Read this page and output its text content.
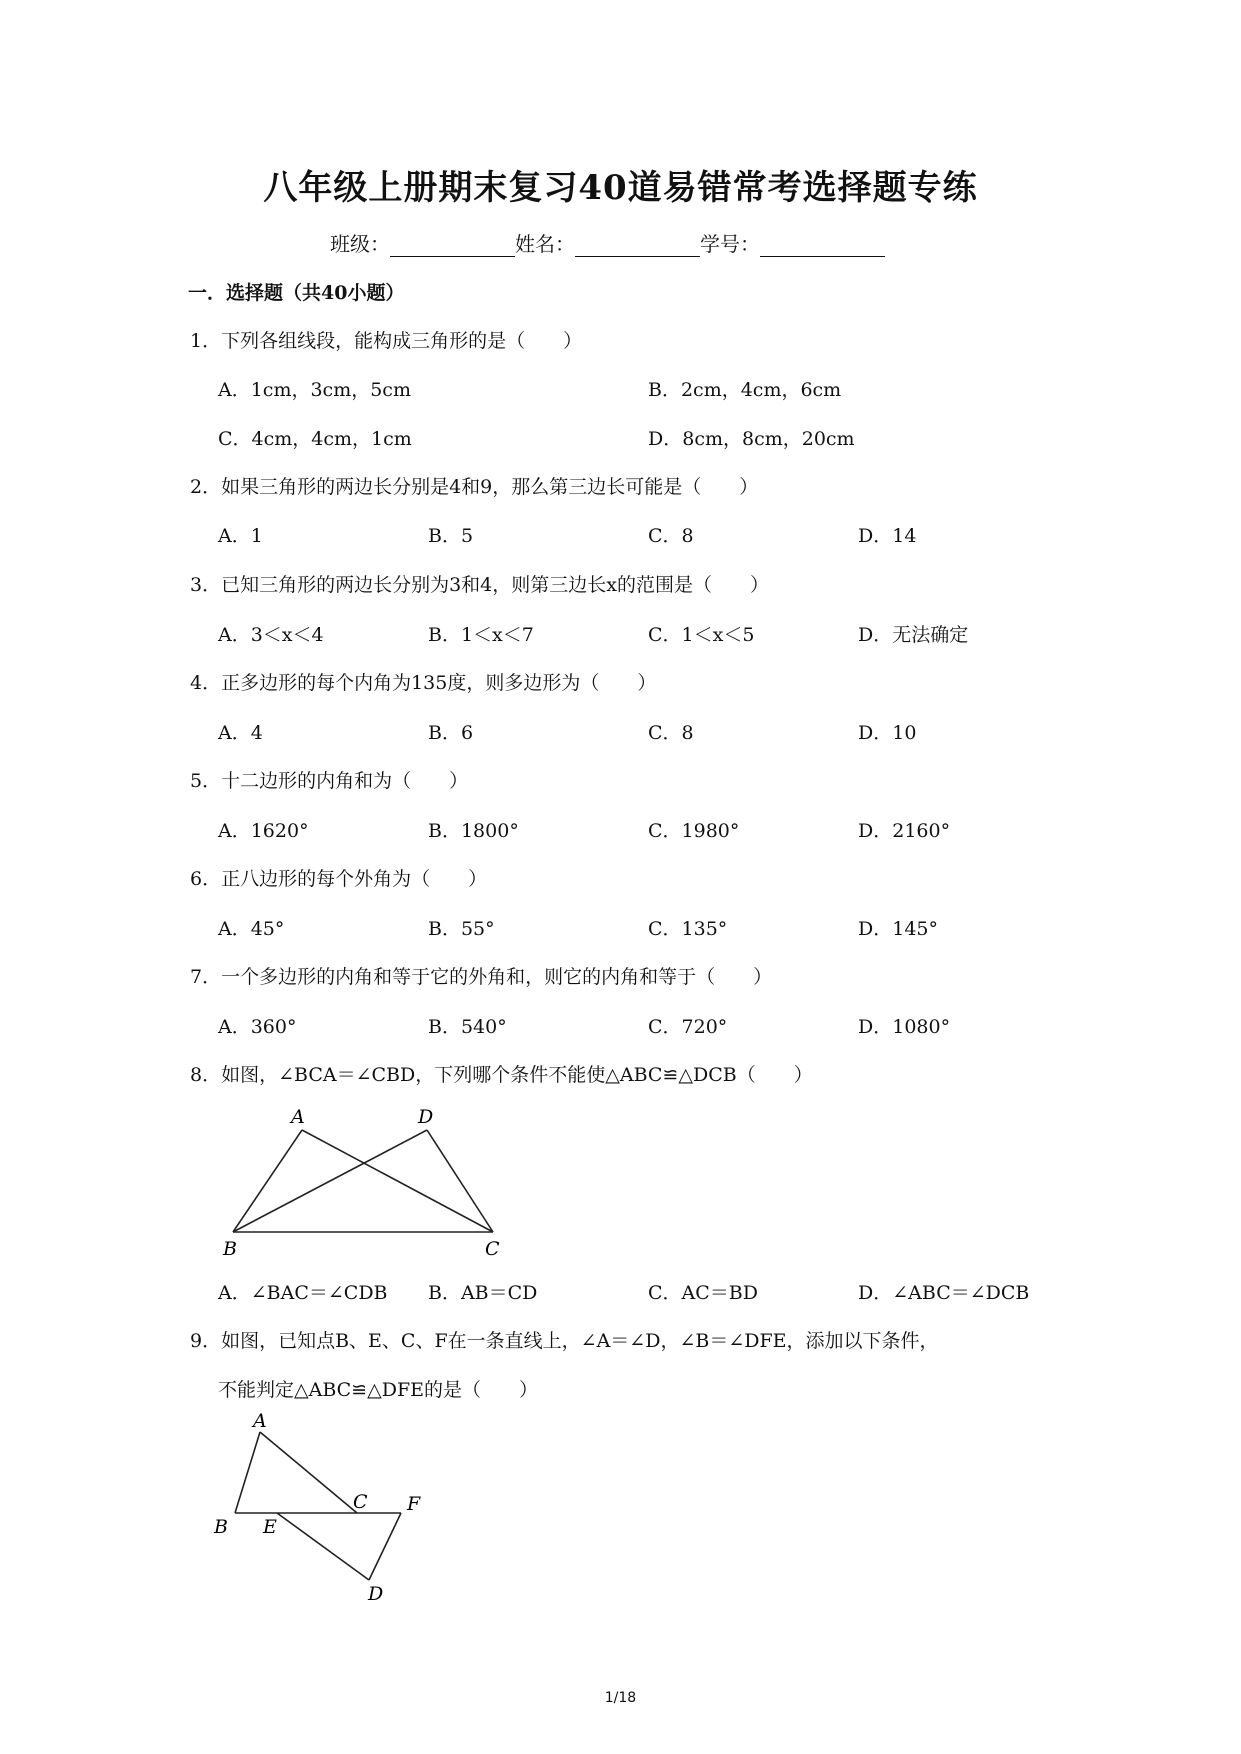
八年级上册期末复习40道易错常考选择题专练
班级：	姓名：	学号：
一．选择题（共40小题）
1．下列各组线段，能构成三角形的是（　　）
A．1cm，3cm，5cm	B．2cm，4cm，6cm
C．4cm，4cm，1cm	D．8cm，8cm，20cm
2．如果三角形的两边长分别是4和9，那么第三边长可能是（　　）
A．1	B．5	C．8	D．14
3．已知三角形的两边长分别为3和4，则第三边长x的范围是（　　）
A．3＜x＜4	B．1＜x＜7	C．1＜x＜5	D．无法确定
4．正多边形的每个内角为135度，则多边形为（　　）
A．4	B．6	C．8	D．10
5．十二边形的内角和为（　　）
A．1620°	B．1800°	C．1980°	D．2160°
6．正八边形的每个外角为（　　）
A．45°	B．55°	C．135°	D．145°
7．一个多边形的内角和等于它的外角和，则它的内角和等于（　　）
A．360°	B．540°	C．720°	D．1080°
8．如图，∠BCA＝∠CBD，下列哪个条件不能使△ABC≌△DCB（　　）
A	D
B	C
A．∠BAC＝∠CDB B．AB＝CD	C．AC＝BD	D．∠ABC＝∠DCB
9．如图，已知点B、E、C、F在一条直线上，∠A＝∠D，∠B＝∠DFE，添加以下条件，
不能判定△ABC≌△DFE的是（　　）
A
B E
C F
D
1/18
